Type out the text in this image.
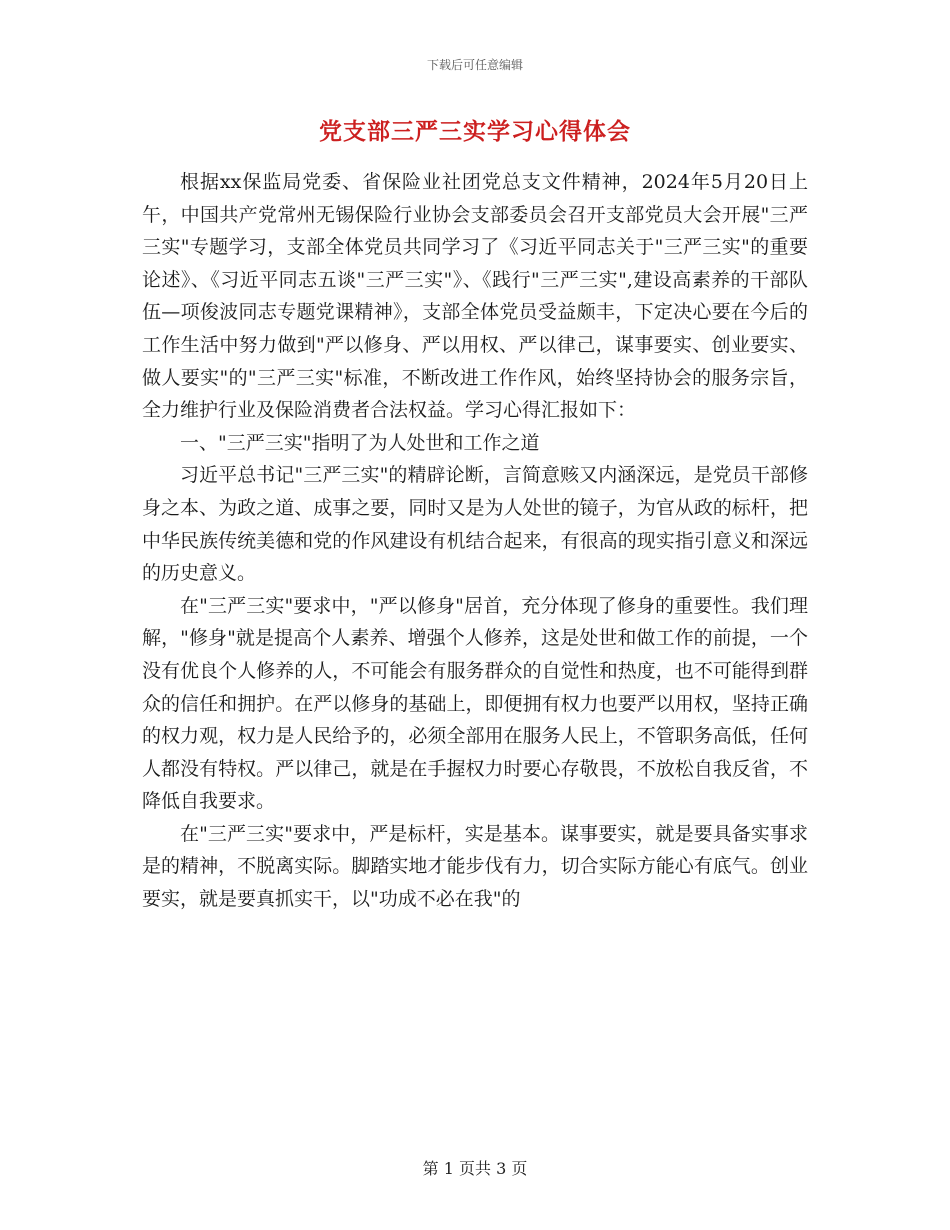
下载后可任意编辑
党支部三严三实学习心得体会

根据xx保监局党委、省保险业社团党总支文件精神，2024年5月20日上午，中国共产党常州无锡保险行业协会支部委员会召开支部党员大会开展"三严三实"专题学习，支部全体党员共同学习了《习近平同志关于"三严三实"的重要论述》、《习近平同志五谈"三严三实"》、《践行"三严三实",建设高素养的干部队伍—项俊波同志专题党课精神》，支部全体党员受益颇丰，下定决心要在今后的工作生活中努力做到"严以修身、严以用权、严以律己，谋事要实、创业要实、做人要实"的"三严三实"标准，不断改进工作作风，始终坚持协会的服务宗旨，全力维护行业及保险消费者合法权益。学习心得汇报如下：

一、"三严三实"指明了为人处世和工作之道

习近平总书记"三严三实"的精辟论断，言简意赅又内涵深远，是党员干部修身之本、为政之道、成事之要，同时又是为人处世的镜子，为官从政的标杆，把中华民族传统美德和党的作风建设有机结合起来，有很高的现实指引意义和深远的历史意义。

在"三严三实"要求中，"严以修身"居首，充分体现了修身的重要性。我们理解，"修身"就是提高个人素养、增强个人修养，这是处世和做工作的前提，一个没有优良个人修养的人，不可能会有服务群众的自觉性和热度，也不可能得到群众的信任和拥护。在严以修身的基础上，即便拥有权力也要严以用权，坚持正确的权力观，权力是人民给予的，必须全部用在服务人民上，不管职务高低，任何人都没有特权。严以律己，就是在手握权力时要心存敬畏，不放松自我反省，不降低自我要求。

在"三严三实"要求中，严是标杆，实是基本。谋事要实，就是要具备实事求是的精神，不脱离实际。脚踏实地才能步伐有力，切合实际方能心有底气。创业要实，就是要真抓实干，以"功成不必在我"的

第 1 页共 3 页
